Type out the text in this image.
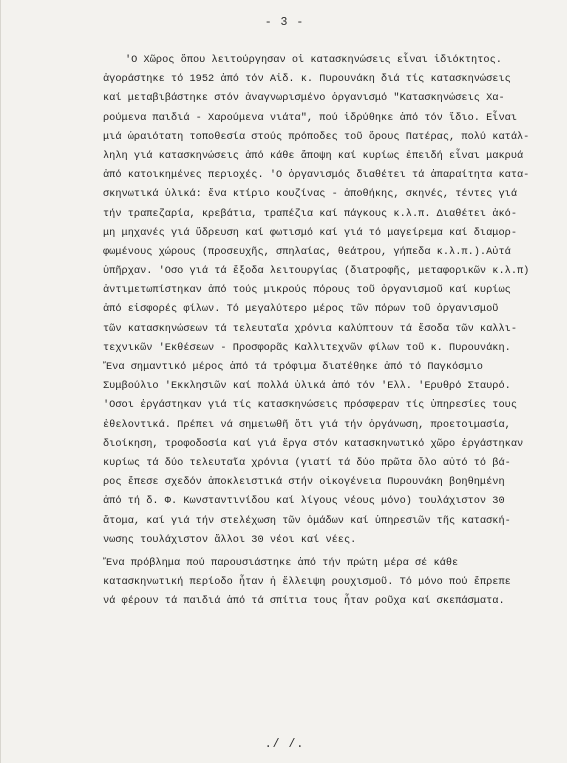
- 3 -
'Ο Χῶρος ὅπου λειτούργησαν οἱ κατασκηνώσεις εἶναι ἰδιόκτητος.
ἀγοράστηκε τό 1952 ἀπό τόν Αἰδ. κ. Πυρουνάκη διά τίς κατασκηνώσεις
καί μεταβιβάστηκε στόν ἀναγνωρισμένο ὀργανισμό "Κατασκηνώσεις Χα-
ρούμενα παιδιά - Χαρούμενα νιάτα", πού ἱδρύθηκε ἀπό τόν ἴδιο. Εἶναι
μιά ὡραιότατη τοποθεσία στούς πρόποδες τοῦ ὄρους Πατέρας, πολύ κατάλ-
ληλη γιά κατασκηνώσεις ἀπό κάθε ἄποψη καί κυρίως ἐπειδή εἶναι μακρυά
ἀπό κατοικημένες περιοχές. 'Ο ὀργανισμός διαθέτει τά ἀπαραίτητα κατα-
σκηνωτικά ὑλικά: ἕνα κτίριο κουζίνας - ἀποθήκης, σκηνές, τέντες γιά
τήν τραπεζαρία, κρεβάτια, τραπέζια καί πάγκους κ.λ.π. Διαθέτει ἀκό-
μη μηχανές γιά ὕδρευση καί φωτισμό καί γιά τό μαγείρεμα καί διαμορ-
φωμένους χώρους (προσευχῆς, σπηλαίας, θεάτρου, γήπεδα κ.λ.π.).Αὐτά
ὑπῆρχαν. 'Οσο γιά τά ἔξοδα λειτουργίας (διατροφῆς, μεταφορικῶν κ.λ.π)
ἀντιμετωπίστηκαν ἀπό τούς μικρούς πόρους τοῦ ὀργανισμοῦ καί κυρίως
ἀπό εἰσφορές φίλων. Τό μεγαλύτερο μέρος τῶν πόρων τοῦ ὀργανισμοῦ
τῶν κατασκηνώσεων τά τελευταῖα χρόνια καλύπτουν τά ἔσοδα τῶν καλλι-
τεχνικῶν 'Εκθέσεων - Προσφορᾶς Καλλιτεχνῶν φίλων τοῦ κ. Πυρουνάκη.
Ἕνα σημαντικό μέρος ἀπό τά τρόφιμα διατέθηκε ἀπό τό Παγκόσμιο
Συμβούλιο 'Εκκλησιῶν καί πολλά ὑλικά ἀπό τόν 'Ελλ. 'Ερυθρό Σταυρό.
'Οσοι ἐργάστηκαν γιά τίς κατασκηνώσεις πρόσφεραν τίς ὑπηρεσίες τους
ἐθελοντικά. Πρέπει νά σημειωθῆ ὅτι γιά τήν ὀργάνωση, προετοιμασία,
διοίκηση, τροφοδοσία καί γιά ἔργα στόν κατασκηνωτικό χῶρο ἐργάστηκαν
κυρίως τά δύο τελευταῖα χρόνια (γιατί τά δύο πρῶτα ὅλο αὐτό τό βά-
ρος ἔπεσε σχεδόν ἀποκλειστικά στήν οἰκογένεια Πυρουνάκη βοηθημένη
ἀπό τή δ. Φ. Κωνσταντινίδου καί λίγους νέους μόνο) τουλάχιστον 30
ἄτομα, καί γιά τήν στελέχωση τῶν ὁμάδων καί ὑπηρεσιῶν τῆς κατασκή-
νωσης τουλάχιστον ἄλλοι 30 νέοι καί νέες.
Ἕνα πρόβλημα πού παρουσιάστηκε ἀπό τήν πρώτη μέρα σέ κάθε
κατασκηνωτική περίοδο ἦταν ἡ ἔλλειψη ρουχισμοῦ. Τό μόνο πού ἔπρεπε
νά φέρουν τά παιδιά ἀπό τά σπίτια τους ἦταν ροῦχα καί σκεπάσματα.
./ /.
